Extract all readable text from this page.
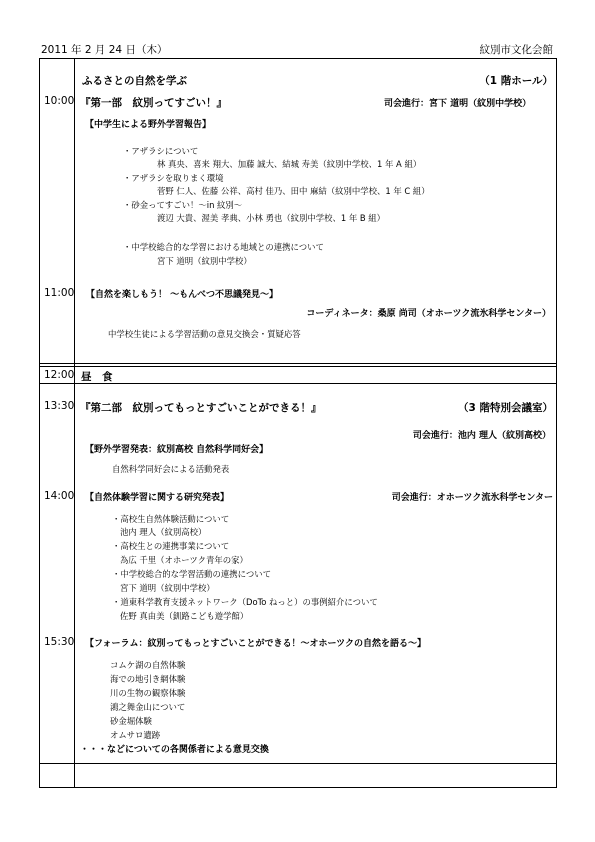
2011 年 2 月 24 日（木）	紋別市文化会館
ふるさとの自然を学ぶ	（1 階ホール）
10:00 『第一部　紋別ってすごい！』	司会進行：宮下 道明（紋別中学校）
【中学生による野外学習報告】
・アザラシについて
林 真央、喜来 翔大、加藤 誠大、結城 寿美（紋別中学校、1 年 A 組）
・アザラシを取りまく環境
菅野 仁人、佐藤 公祥、高村 佳乃、田中 麻結（紋別中学校、1 年 C 組）
・砂金ってすごい！～in 紋別～
渡辺 大貴、渥美 孝典、小林 勇也（紋別中学校、1 年 B 組）
・中学校総合的な学習における地域との連携について
宮下 道明（紋別中学校）
11:00 【自然を楽しもう！ ～もんべつ不思議発見～】
コーディネータ：桑原 尚司（オホーツク流氷科学センター）
中学校生徒による学習活動の意見交換会・質疑応答
12:00 昼　食
13:30 『第二部　紋別ってもっとすごいことができる！』	（3 階特別会議室）
司会進行：池内 理人（紋別高校）
【野外学習発表：紋別高校 自然科学同好会】
自然科学同好会による活動発表
14:00 【自然体験学習に関する研究発表】	司会進行：オホーツク流氷科学センター
・高校生自然体験活動について
池内 理人（紋別高校）
・高校生との連携事業について
為広 千里（オホーツク青年の家）
・中学校総合的な学習活動の連携について
宮下 道明（紋別中学校）
・道東科学教育支援ネットワーク（DoTo ねっと）の事例紹介について
佐野 真由美（釧路こども遊学館）
15:30 【フォーラム：紋別ってもっとすごいことができる！～オホーツクの自然を語る～】
コムケ湖の自然体験
海での地引き網体験
川の生物の観察体験
鴻之舞金山について
砂金堀体験
オムサロ遺跡
・・・などについての各関係者による意見交換
